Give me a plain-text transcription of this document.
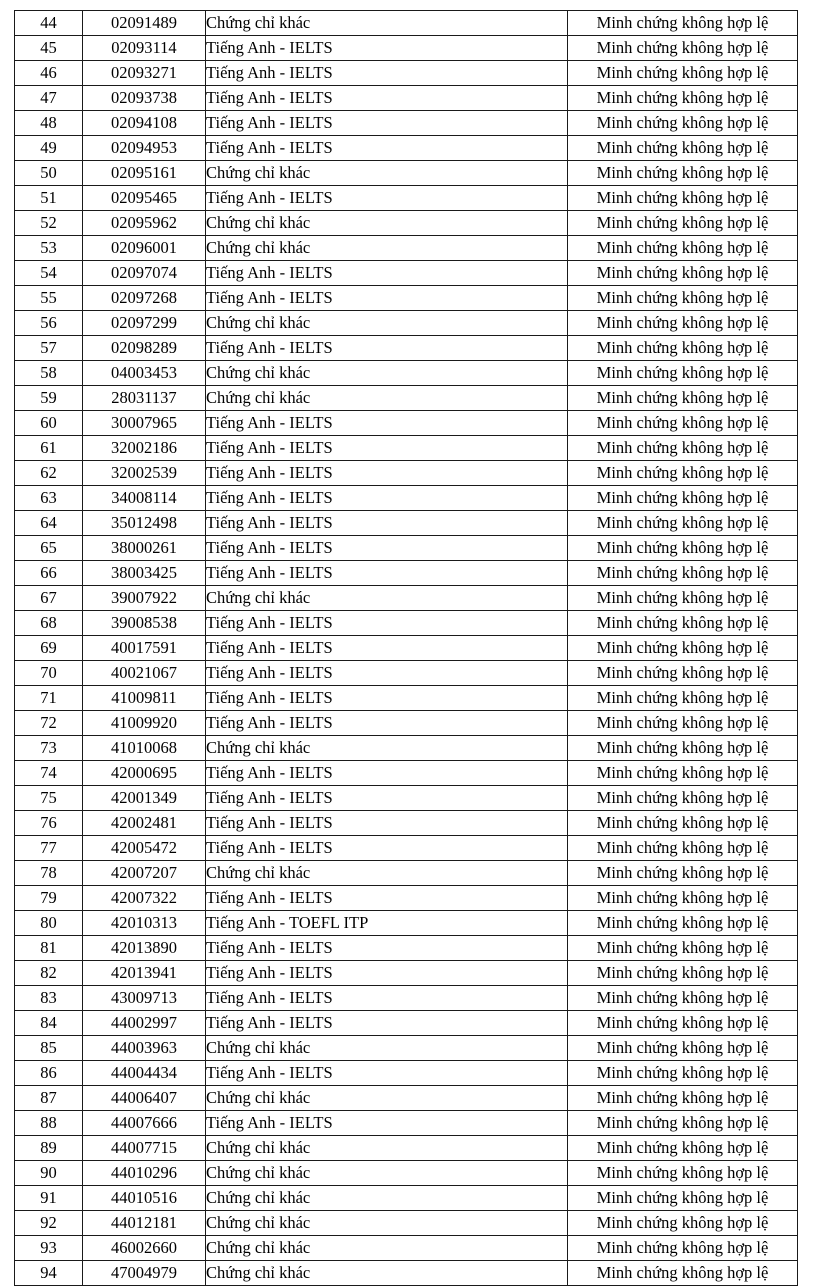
44	02091489	Chứng chỉ khác	Minh chứng không hợp lệ
45	02093114	Tiếng Anh - IELTS	Minh chứng không hợp lệ
46	02093271	Tiếng Anh - IELTS	Minh chứng không hợp lệ
47	02093738	Tiếng Anh - IELTS	Minh chứng không hợp lệ
48	02094108	Tiếng Anh - IELTS	Minh chứng không hợp lệ
49	02094953	Tiếng Anh - IELTS	Minh chứng không hợp lệ
50	02095161	Chứng chỉ khác	Minh chứng không hợp lệ
51	02095465	Tiếng Anh - IELTS	Minh chứng không hợp lệ
52	02095962	Chứng chỉ khác	Minh chứng không hợp lệ
53	02096001	Chứng chỉ khác	Minh chứng không hợp lệ
54	02097074	Tiếng Anh - IELTS	Minh chứng không hợp lệ
55	02097268	Tiếng Anh - IELTS	Minh chứng không hợp lệ
56	02097299	Chứng chỉ khác	Minh chứng không hợp lệ
57	02098289	Tiếng Anh - IELTS	Minh chứng không hợp lệ
58	04003453	Chứng chỉ khác	Minh chứng không hợp lệ
59	28031137	Chứng chỉ khác	Minh chứng không hợp lệ
60	30007965	Tiếng Anh - IELTS	Minh chứng không hợp lệ
61	32002186	Tiếng Anh - IELTS	Minh chứng không hợp lệ
62	32002539	Tiếng Anh - IELTS	Minh chứng không hợp lệ
63	34008114	Tiếng Anh - IELTS	Minh chứng không hợp lệ
64	35012498	Tiếng Anh - IELTS	Minh chứng không hợp lệ
65	38000261	Tiếng Anh - IELTS	Minh chứng không hợp lệ
66	38003425	Tiếng Anh - IELTS	Minh chứng không hợp lệ
67	39007922	Chứng chỉ khác	Minh chứng không hợp lệ
68	39008538	Tiếng Anh - IELTS	Minh chứng không hợp lệ
69	40017591	Tiếng Anh - IELTS	Minh chứng không hợp lệ
70	40021067	Tiếng Anh - IELTS	Minh chứng không hợp lệ
71	41009811	Tiếng Anh - IELTS	Minh chứng không hợp lệ
72	41009920	Tiếng Anh - IELTS	Minh chứng không hợp lệ
73	41010068	Chứng chỉ khác	Minh chứng không hợp lệ
74	42000695	Tiếng Anh - IELTS	Minh chứng không hợp lệ
75	42001349	Tiếng Anh - IELTS	Minh chứng không hợp lệ
76	42002481	Tiếng Anh - IELTS	Minh chứng không hợp lệ
77	42005472	Tiếng Anh - IELTS	Minh chứng không hợp lệ
78	42007207	Chứng chỉ khác	Minh chứng không hợp lệ
79	42007322	Tiếng Anh - IELTS	Minh chứng không hợp lệ
80	42010313	Tiếng Anh - TOEFL ITP	Minh chứng không hợp lệ
81	42013890	Tiếng Anh - IELTS	Minh chứng không hợp lệ
82	42013941	Tiếng Anh - IELTS	Minh chứng không hợp lệ
83	43009713	Tiếng Anh - IELTS	Minh chứng không hợp lệ
84	44002997	Tiếng Anh - IELTS	Minh chứng không hợp lệ
85	44003963	Chứng chỉ khác	Minh chứng không hợp lệ
86	44004434	Tiếng Anh - IELTS	Minh chứng không hợp lệ
87	44006407	Chứng chỉ khác	Minh chứng không hợp lệ
88	44007666	Tiếng Anh - IELTS	Minh chứng không hợp lệ
89	44007715	Chứng chỉ khác	Minh chứng không hợp lệ
90	44010296	Chứng chỉ khác	Minh chứng không hợp lệ
91	44010516	Chứng chỉ khác	Minh chứng không hợp lệ
92	44012181	Chứng chỉ khác	Minh chứng không hợp lệ
93	46002660	Chứng chỉ khác	Minh chứng không hợp lệ
94	47004979	Chứng chỉ khác	Minh chứng không hợp lệ
